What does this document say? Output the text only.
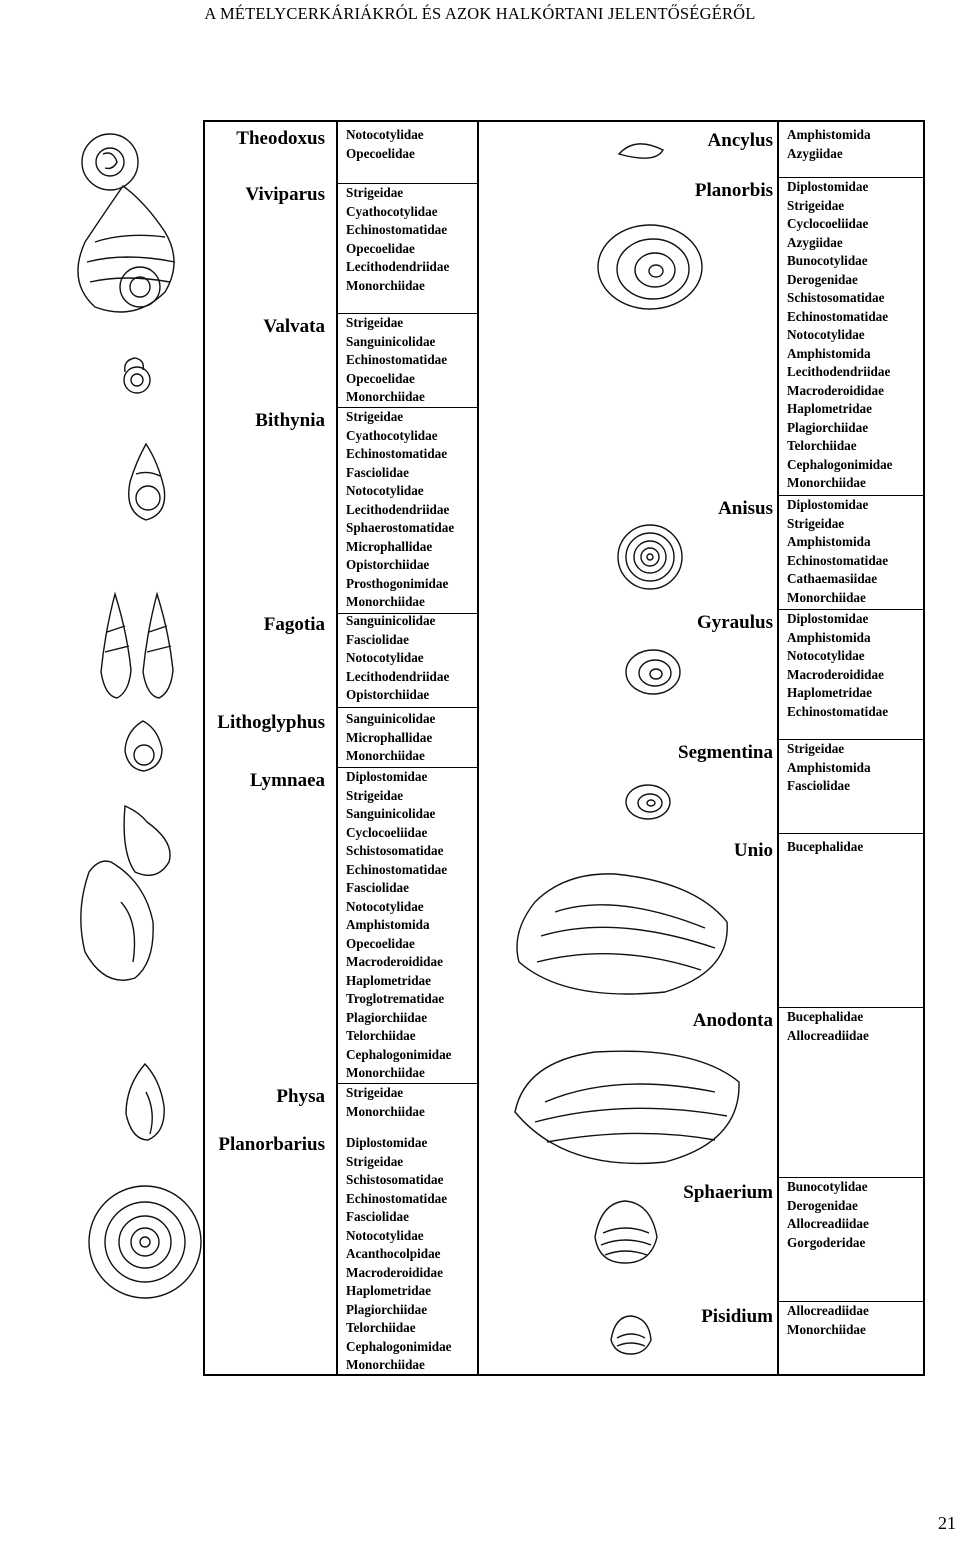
A MÉTELYCERKÁRIÁKRÓL ÉS AZOK HALKÓRTANI JELENTŐSÉGÉRŐL
Theodoxus Notocotylidae
Opecoelidae
Viviparus Strigeidae
Cyathocotylidae
Echinostomatidae
Opecoelidae
Lecithodendriidae
Monorchiidae
Valvata Strigeidae
Sanguinicolidae
Echinostomatidae
Opecoelidae
Monorchiidae
Bithynia Strigeidae
Cyathocotylidae
Echinostomatidae
Fasciolidae
Notocotylidae
Lecithodendriidae
Sphaerostomatidae
Microphallidae
Opistorchiidae
Prosthogonimidae
Monorchiidae
Fagotia Sanguinicolidae
Fasciolidae
Notocotylidae
Lecithodendriidae
Opistorchiidae
Lithoglyphus Sanguinicolidae
Microphallidae
Monorchiidae
Lymnaea Diplostomidae
Strigeidae
Sanguinicolidae
Cyclocoeliidae
Schistosomatidae
Echinostomatidae
Fasciolidae
Notocotylidae
Amphistomida
Opecoelidae
Macroderoididae
Haplometridae
Troglotrematidae
Plagiorchiidae
Telorchiidae
Cephalogonimidae
Monorchiidae
Physa Strigeidae
Monorchiidae
Planorbarius Diplostomidae
Strigeidae
Schistosomatidae
Echinostomatidae
Fasciolidae
Notocotylidae
Acanthocolpidae
Macroderoididae
Haplometridae
Plagiorchiidae
Telorchiidae
Cephalogonimidae
Monorchiidae
Ancylus Amphistomida
Azygiidae
Planorbis Diplostomidae
Strigeidae
Cyclocoeliidae
Azygiidae
Bunocotylidae
Derogenidae
Schistosomatidae
Echinostomatidae
Notocotylidae
Amphistomida
Lecithodendriidae
Macroderoididae
Haplometridae
Plagiorchiidae
Telorchiidae
Cephalogonimidae
Monorchiidae
Anisus Diplostomidae
Strigeidae
Amphistomida
Echinostomatidae
Cathaemasiidae
Monorchiidae
Gyraulus Diplostomidae
Amphistomida
Notocotylidae
Macroderoididae
Haplometridae
Echinostomatidae
Segmentina Strigeidae
Amphistomida
Fasciolidae
Unio Bucephalidae
Anodonta Bucephalidae
Allocreadiidae
Sphaerium Bunocotylidae
Derogenidae
Allocreadiidae
Gorgoderidae
Pisidium Allocreadiidae
Monorchiidae
21
